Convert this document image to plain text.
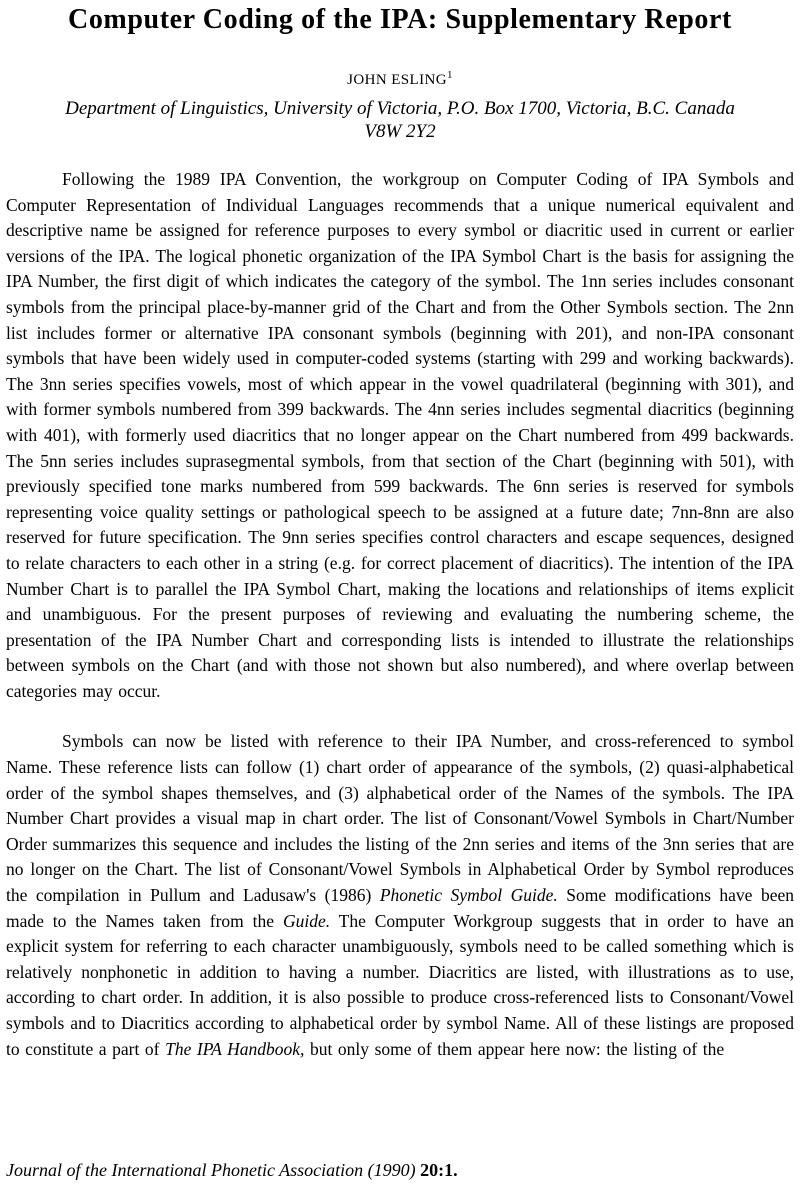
Computer Coding of the IPA: Supplementary Report
JOHN ESLING$^1$
Department of Linguistics, University of Victoria, P.O. Box 1700, Victoria, B.C. Canada
V8W 2Y2

Following the 1989 IPA Convention, the workgroup on Computer Coding of IPA Symbols and Computer Representation of Individual Languages recommends that a unique numerical equivalent and descriptive name be assigned for reference purposes to every symbol or diacritic used in current or earlier versions of the IPA. The logical phonetic organization of the IPA Symbol Chart is the basis for assigning the IPA Number, the first digit of which indicates the category of the symbol. The 1nn series includes consonant symbols from the principal place-by-manner grid of the Chart and from the Other Symbols section. The 2nn list includes former or alternative IPA consonant symbols (beginning with 201), and non-IPA consonant symbols that have been widely used in computer-coded systems (starting with 299 and working backwards). The 3nn series specifies vowels, most of which appear in the vowel quadrilateral (beginning with 301), and with former symbols numbered from 399 backwards. The 4nn series includes segmental diacritics (beginning with 401), with formerly used diacritics that no longer appear on the Chart numbered from 499 backwards. The 5nn series includes suprasegmental symbols, from that section of the Chart (beginning with 501), with previously specified tone marks numbered from 599 backwards. The 6nn series is reserved for symbols representing voice quality settings or pathological speech to be assigned at a future date; 7nn-8nn are also reserved for future specification. The 9nn series specifies control characters and escape sequences, designed to relate characters to each other in a string (e.g. for correct placement of diacritics). The intention of the IPA Number Chart is to parallel the IPA Symbol Chart, making the locations and relationships of items explicit and unambiguous. For the present purposes of reviewing and evaluating the numbering scheme, the presentation of the IPA Number Chart and corresponding lists is intended to illustrate the relationships between symbols on the Chart (and with those not shown but also numbered), and where overlap between categories may occur.

Symbols can now be listed with reference to their IPA Number, and cross-referenced to symbol Name. These reference lists can follow (1) chart order of appearance of the symbols, (2) quasi-alphabetical order of the symbol shapes themselves, and (3) alphabetical order of the Names of the symbols. The IPA Number Chart provides a visual map in chart order. The list of Consonant/Vowel Symbols in Chart/Number Order summarizes this sequence and includes the listing of the 2nn series and items of the 3nn series that are no longer on the Chart. The list of Consonant/Vowel Symbols in Alphabetical Order by Symbol reproduces the compilation in Pullum and Ladusaw's (1986) Phonetic Symbol Guide. Some modifications have been made to the Names taken from the Guide. The Computer Workgroup suggests that in order to have an explicit system for referring to each character unambiguously, symbols need to be called something which is relatively nonphonetic in addition to having a number. Diacritics are listed, with illustrations as to use, according to chart order. In addition, it is also possible to produce cross-referenced lists to Consonant/Vowel symbols and to Diacritics according to alphabetical order by symbol Name. All of these listings are proposed to constitute a part of The IPA Handbook, but only some of them appear here now: the listing of the

Journal of the International Phonetic Association (1990) 20:1.
